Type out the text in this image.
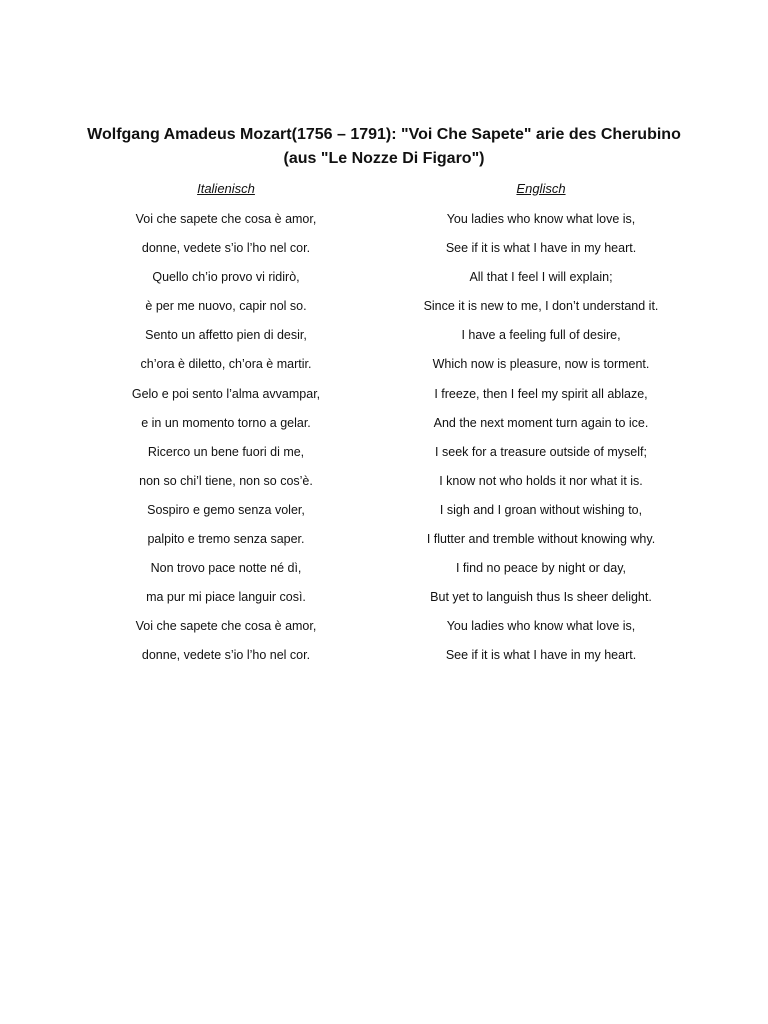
Wolfgang Amadeus Mozart(1756 – 1791): "Voi Che Sapete" arie des Cherubino
(aus "Le Nozze Di Figaro")
Italienisch
Voi che sapete che cosa è amor,
donne, vedete s’io l’ho nel cor.
Quello ch’io provo vi ridirò,
è per me nuovo, capir nol so.
Sento un affetto pien di desir,
ch’ora è diletto, ch’ora è martir.
Gelo e poi sento l’alma avvampar,
e in un momento torno a gelar.
Ricerco un bene fuori di me,
non so chi’l tiene, non so cos’è.
Sospiro e gemo senza voler,
palpito e tremo senza saper.
Non trovo pace notte né dì,
ma pur mi piace languir così.
Voi che sapete che cosa è amor,
donne, vedete s’io l’ho nel cor.
Englisch
You ladies who know what love is,
See if it is what I have in my heart.
All that I feel I will explain;
Since it is new to me, I don’t understand it.
I have a feeling full of desire,
Which now is pleasure, now is torment.
I freeze, then I feel my spirit all ablaze,
And the next moment turn again to ice.
I seek for a treasure outside of myself;
I know not who holds it nor what it is.
I sigh and I groan without wishing to,
I flutter and tremble without knowing why.
I find no peace by night or day,
But yet to languish thus Is sheer delight.
You ladies who know what love is,
See if it is what I have in my heart.
